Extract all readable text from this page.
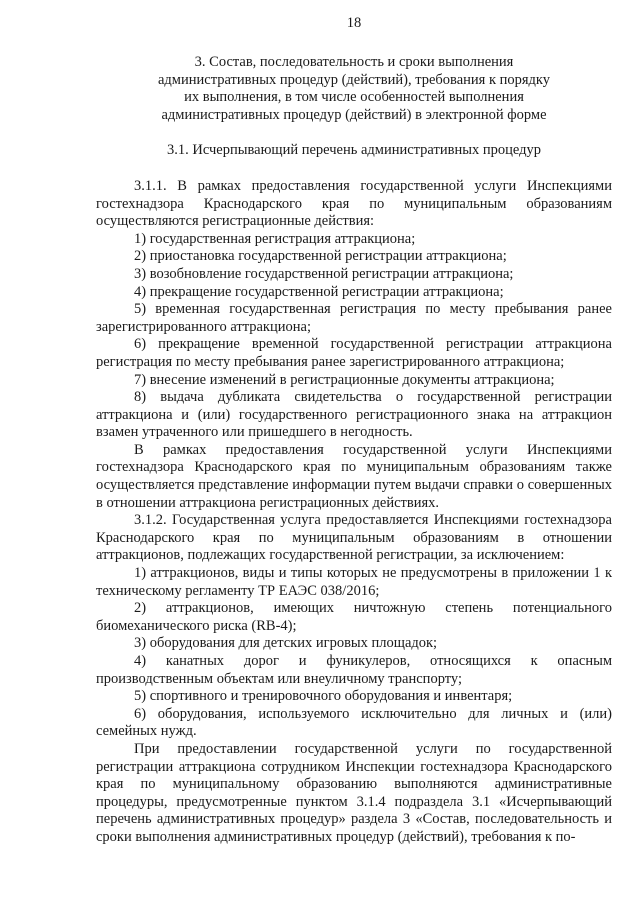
18

3. Состав, последовательность и сроки выполнения

административных процедур (действий), требования к порядку

их выполнения, в том числе особенностей выполнения

административных процедур (действий) в электронной форме

3.1. Исчерпывающий перечень административных процедур

3.1.1. В рамках предоставления государственной услуги Инспекциями гостехнадзора Краснодарского края по муниципальным образованиям осуществляются регистрационные действия:

1) государственная регистрация аттракциона;

2) приостановка государственной регистрации аттракциона;

3) возобновление государственной регистрации аттракциона;

4) прекращение государственной регистрации аттракциона;

5) временная государственная регистрация по месту пребывания ранее зарегистрированного аттракциона;

6) прекращение временной государственной регистрации аттракциона регистрация по месту пребывания ранее зарегистрированного аттракциона;

7) внесение изменений в регистрационные документы аттракциона;

8) выдача дубликата свидетельства о государственной регистрации аттракциона и (или) государственного регистрационного знака на аттракцион взамен утраченного или пришедшего в негодность.

В рамках предоставления государственной услуги Инспекциями гостехнадзора Краснодарского края по муниципальным образованиям также осуществляется представление информации путем выдачи справки о совершенных в отношении аттракциона регистрационных действиях.

3.1.2. Государственная услуга предоставляется Инспекциями гостехнадзора Краснодарского края по муниципальным образованиям в отношении аттракционов, подлежащих государственной регистрации, за исключением:

1) аттракционов, виды и типы которых не предусмотрены в приложении 1 к техническому регламенту ТР ЕАЭС 038/2016;

2) аттракционов, имеющих ничтожную степень потенциального биомеханического риска (RB-4);

3) оборудования для детских игровых площадок;

4) канатных дорог и фуникулеров, относящихся к опасным производственным объектам или внеуличному транспорту;

5) спортивного и тренировочного оборудования и инвентаря;

6) оборудования, используемого исключительно для личных и (или) семейных нужд.

При предоставлении государственной услуги по государственной регистрации аттракциона сотрудником Инспекции гостехнадзора Краснодарского края по муниципальному образованию выполняются административные процедуры, предусмотренные пунктом 3.1.4 подраздела 3.1 «Исчерпывающий перечень административных процедур» раздела 3 «Состав, последовательность и сроки выполнения административных процедур (действий), требования к по-
